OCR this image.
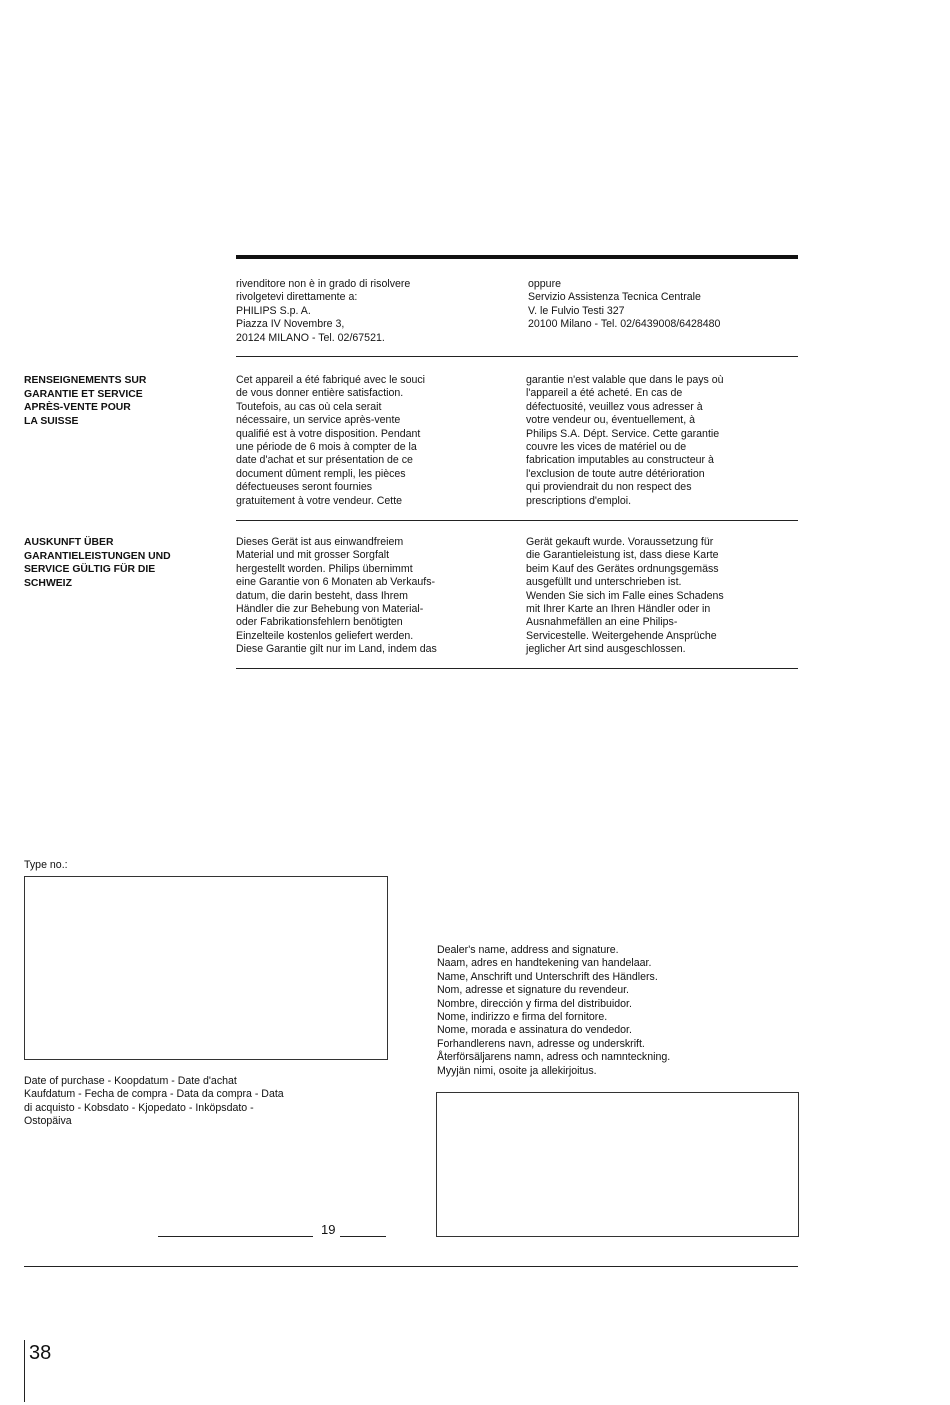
rivenditore non è in grado di risolvere
rivolgetevi direttamente a:
PHILIPS S.p. A.
Piazza IV Novembre 3,
20124 MILANO - Tel. 02/67521.
oppure
Servizio Assistenza Tecnica Centrale
V. le Fulvio Testi 327
20100 Milano - Tel. 02/6439008/6428480
RENSEIGNEMENTS SUR
GARANTIE ET SERVICE
APRÈS-VENTE POUR
LA SUISSE
Cet appareil a été fabriqué avec le souci
de vous donner entière satisfaction.
Toutefois, au cas où cela serait
nécessaire, un service après-vente
qualifié est à votre disposition. Pendant
une période de 6 mois à compter de la
date d'achat et sur présentation de ce
document dûment rempli, les pièces
défectueuses seront fournies
gratuitement à votre vendeur. Cette
garantie n'est valable que dans le pays où
l'appareil a été acheté. En cas de
défectuosité, veuillez vous adresser à
votre vendeur ou, éventuellement, à
Philips S.A. Dépt. Service. Cette garantie
couvre les vices de matériel ou de
fabrication imputables au constructeur à
l'exclusion de toute autre détérioration
qui proviendrait du non respect des
prescriptions d'emploi.
AUSKUNFT ÜBER
GARANTIELEISTUNGEN UND
SERVICE GÜLTIG FÜR DIE
SCHWEIZ
Dieses Gerät ist aus einwandfreiem
Material und mit grosser Sorgfalt
hergestellt worden. Philips übernimmt
eine Garantie von 6 Monaten ab Verkaufs-
datum, die darin besteht, dass Ihrem
Händler die zur Behebung von Material-
oder Fabrikationsfehlern benötigten
Einzelteile kostenlos geliefert werden.
Diese Garantie gilt nur im Land, indem das
Gerät gekauft wurde. Voraussetzung für
die Garantieleistung ist, dass diese Karte
beim Kauf des Gerätes ordnungsgemäss
ausgefüllt und unterschrieben ist.
Wenden Sie sich im Falle eines Schadens
mit Ihrer Karte an Ihren Händler oder in
Ausnahmefällen an eine Philips-
Servicestelle. Weitergehende Ansprüche
jeglicher Art sind ausgeschlossen.
Type no.:
Date of purchase - Koopdatum - Date d'achat
Kaufdatum - Fecha de compra - Data da compra - Data
di acquisto - Kobsdato - Kjopedato - Inköpsdato -
Ostopäiva
19
Dealer's name, address and signature.
Naam, adres en handtekening van handelaar.
Name, Anschrift und Unterschrift des Händlers.
Nom, adresse et signature du revendeur.
Nombre, dirección y firma del distribuidor.
Nome, indirizzo e firma del fornitore.
Nome, morada e assinatura do vendedor.
Forhandlerens navn, adresse og underskrift.
Återförsäljarens namn, adress och namnteckning.
Myyjän nimi, osoite ja allekirjoitus.
38
